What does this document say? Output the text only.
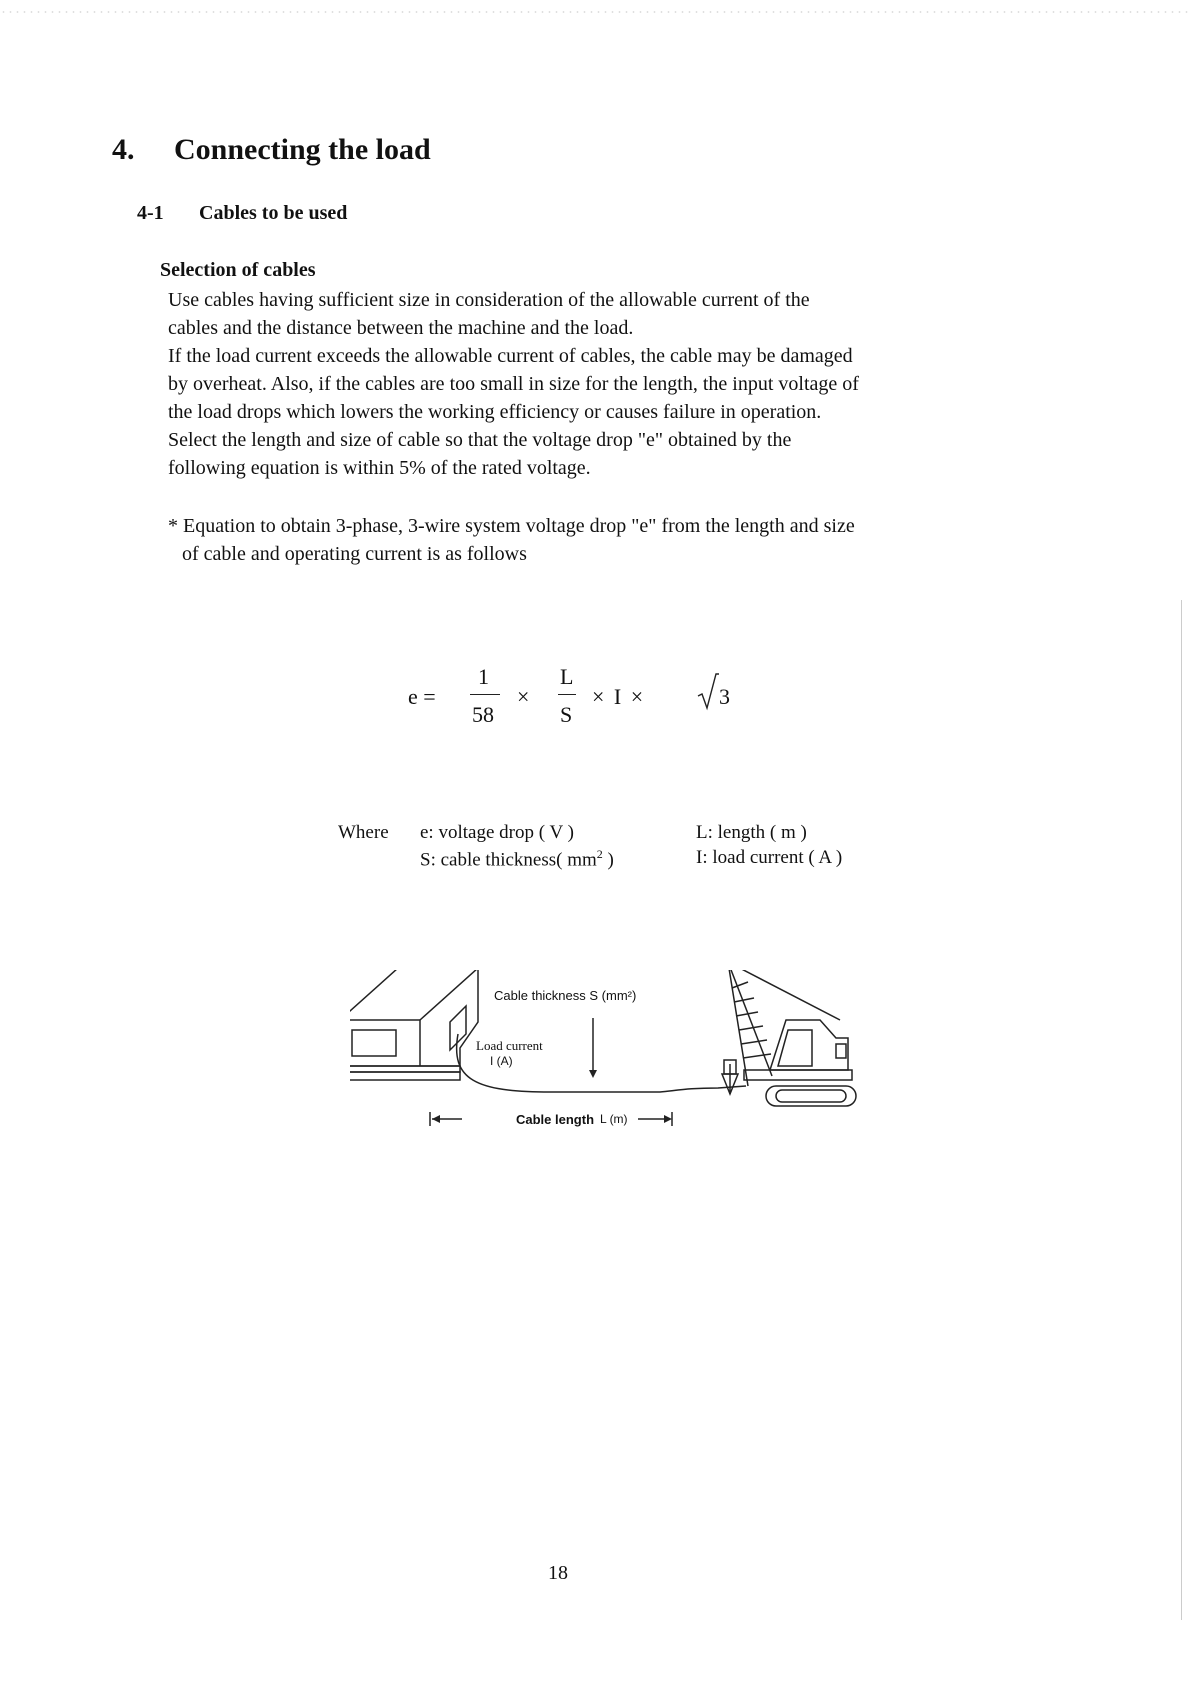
4. Connecting the load
4-1 Cables to be used
Selection of cables

Use cables having sufficient size in consideration of the allowable current of the

cables and the distance between the machine and the load.

If the load current exceeds the allowable current of cables, the cable may be damaged

by overheat. Also, if the cables are too small in size for the length, the input voltage of

the load drops which lowers the working efficiency or causes failure in operation.

Select the length and size of cable so that the voltage drop "e" obtained by the

following equation is within 5% of the rated voltage.

* Equation to obtain 3-phase, 3-wire system voltage drop "e" from the length and size

of cable and operating current is as follows

e =
1
58
×
L
S
× I ×	3
Where e: voltage drop ( V )
S: cable thickness( $mm^2$ )
L: length ( m )
I: load current ( A )
Cable thickness S (mm²)
Load current
I (A)
Cable length L (m)
18
